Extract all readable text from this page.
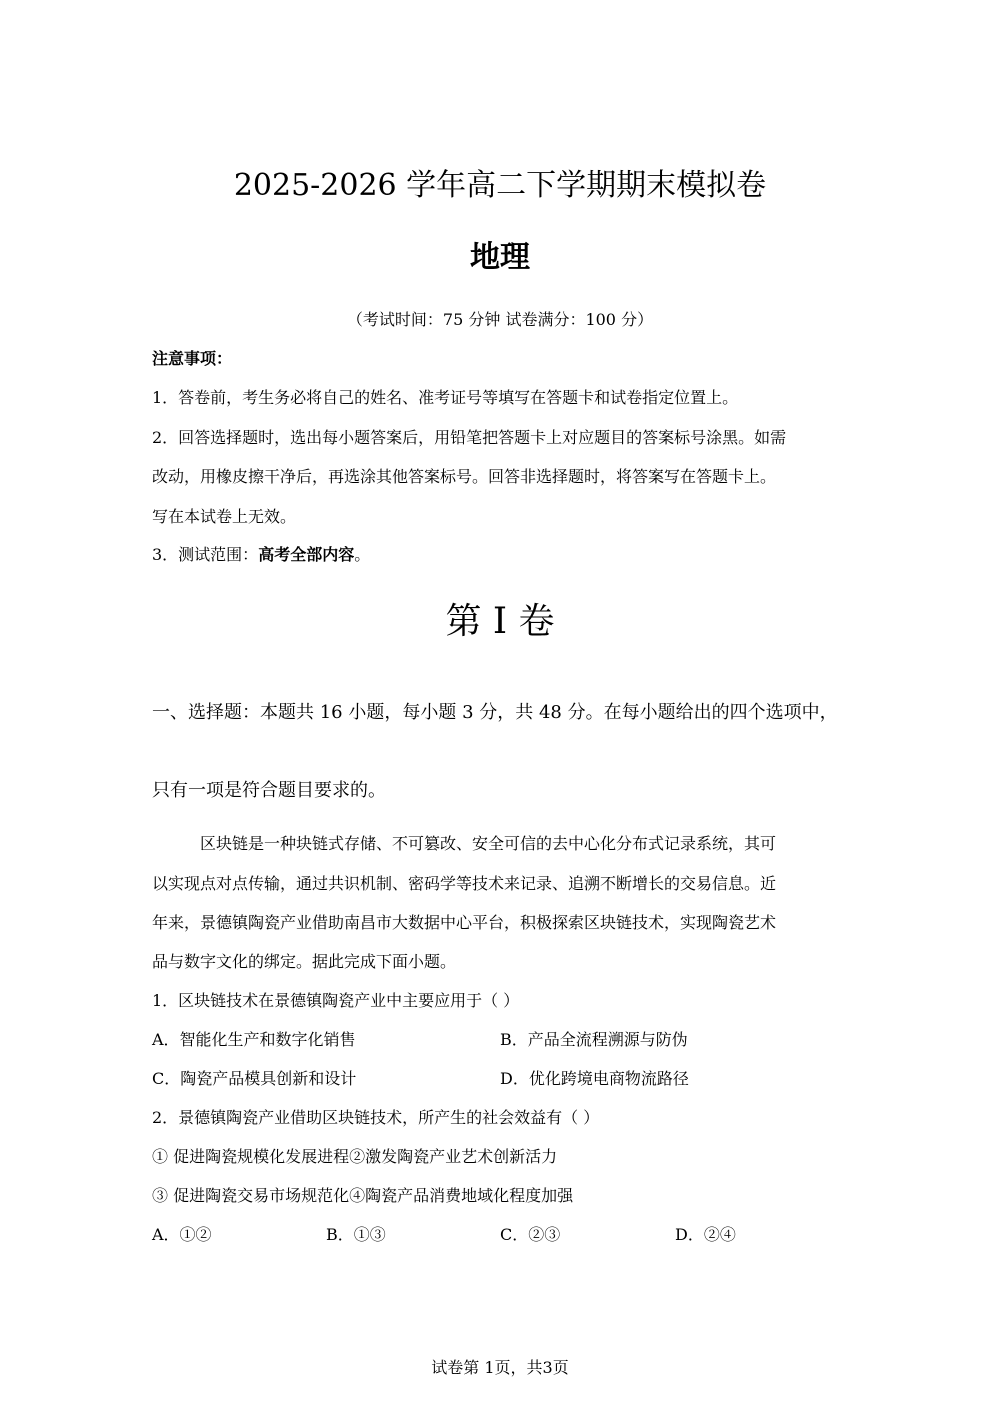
2025-2026 学年高二下学期期末模拟卷
地理
（考试时间：75 分钟 试卷满分：100 分）
注意事项：
1．答卷前，考生务必将自己的姓名、准考证号等填写在答题卡和试卷指定位置上。
2．回答选择题时，选出每小题答案后，用铅笔把答题卡上对应题目的答案标号涂黑。如需
改动，用橡皮擦干净后，再选涂其他答案标号。回答非选择题时，将答案写在答题卡上。
写在本试卷上无效。
3．测试范围：高考全部内容。
第 I 卷
一、选择题：本题共 16 小题，每小题 3 分，共 48 分。在每小题给出的四个选项中，
只有一项是符合题目要求的。
区块链是一种块链式存储、不可篡改、安全可信的去中心化分布式记录系统，其可
以实现点对点传输，通过共识机制、密码学等技术来记录、追溯不断增长的交易信息。近
年来，景德镇陶瓷产业借助南昌市大数据中心平台，积极探索区块链技术，实现陶瓷艺术
品与数字文化的绑定。据此完成下面小题。
1．区块链技术在景德镇陶瓷产业中主要应用于（ ）
A．智能化生产和数字化销售	B．产品全流程溯源与防伪
C．陶瓷产品模具创新和设计	D．优化跨境电商物流路径
2．景德镇陶瓷产业借助区块链技术，所产生的社会效益有（ ）
① 促进陶瓷规模化发展进程②激发陶瓷产业艺术创新活力
③ 促进陶瓷交易市场规范化④陶瓷产品消费地域化程度加强
A．①②	B．①③	C．②③	D．②④
试卷第 1页，共3页
